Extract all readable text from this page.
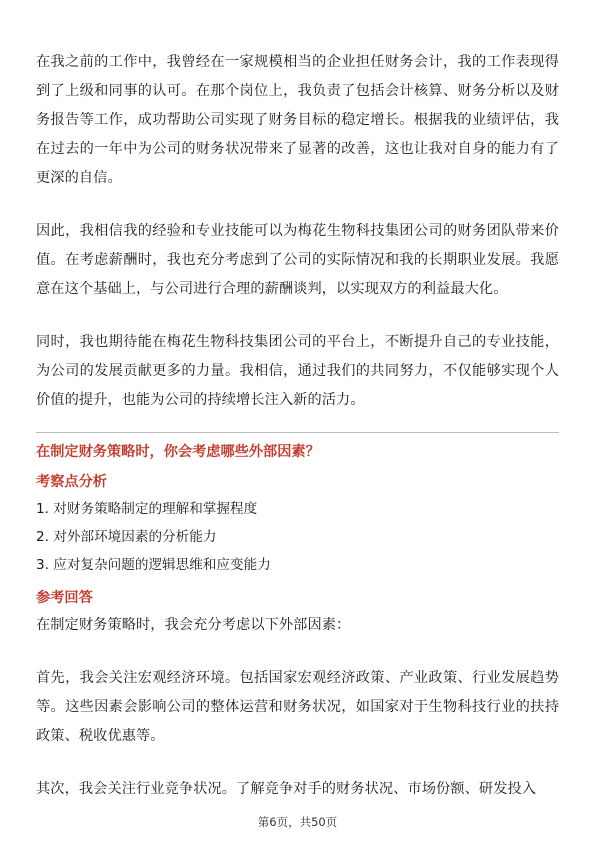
在我之前的工作中，我曾经在一家规模相当的企业担任财务会计，我的工作表现得到了上级和同事的认可。在那个岗位上，我负责了包括会计核算、财务分析以及财务报告等工作，成功帮助公司实现了财务目标的稳定增长。根据我的业绩评估，我在过去的一年中为公司的财务状况带来了显著的改善，这也让我对自身的能力有了更深的自信。

因此，我相信我的经验和专业技能可以为梅花生物科技集团公司的财务团队带来价值。在考虑薪酬时，我也充分考虑到了公司的实际情况和我的长期职业发展。我愿意在这个基础上，与公司进行合理的薪酬谈判，以实现双方的利益最大化。

同时，我也期待能在梅花生物科技集团公司的平台上，不断提升自己的专业技能，为公司的发展贡献更多的力量。我相信，通过我们的共同努力，不仅能够实现个人价值的提升，也能为公司的持续增长注入新的活力。

在制定财务策略时，你会考虑哪些外部因素？

考察点分析

1. 对财务策略制定的理解和掌握程度

2. 对外部环境因素的分析能力

3. 应对复杂问题的逻辑思维和应变能力

参考回答

在制定财务策略时，我会充分考虑以下外部因素：

首先，我会关注宏观经济环境。包括国家宏观经济政策、产业政策、行业发展趋势等。这些因素会影响公司的整体运营和财务状况，如国家对于生物科技行业的扶持政策、税收优惠等。

其次，我会关注行业竞争状况。了解竞争对手的财务状况、市场份额、研发投入

第6页，共50页
